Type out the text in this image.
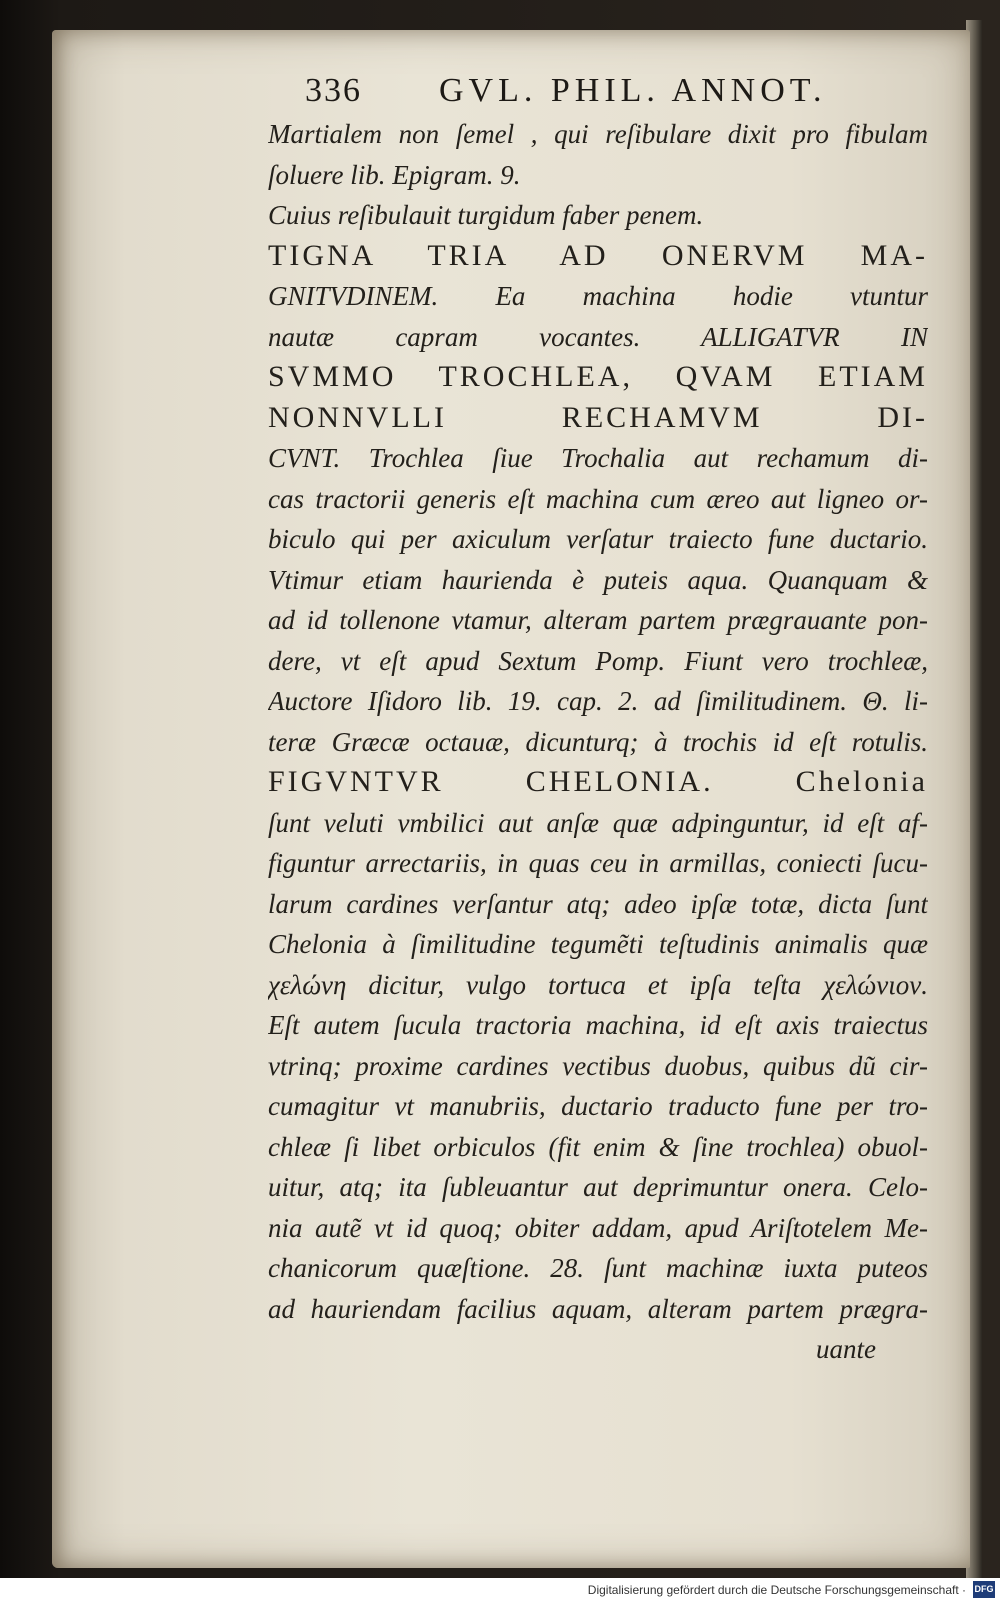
336 GVL. PHIL. ANNOT.
Martialem non ſemel , qui reſibulare dixit pro fibulam
ſoluere lib. Epigram. 9.
Cuius reſibulauit turgidum faber penem.
TIGNA TRIA AD ONERVM MA-
GNITVDINEM. Ea machina hodie vtuntur
nautæ capram vocantes. ALLIGATVR IN
SVMMO TROCHLEA, QVAM ETIAM
NONNVLLI RECHAMVM DI-
CVNT. Trochlea ſiue Trochalia aut rechamum di-
cas tractorii generis eſt machina cum æreo aut ligneo or-
biculo qui per axiculum verſatur traiecto fune ductario.
Vtimur etiam haurienda è puteis aqua. Quanquam &
ad id tollenone vtamur, alteram partem prægrauante pon-
dere, vt eſt apud Sextum Pomp. Fiunt vero trochleæ,
Auctore Iſidoro lib. 19. cap. 2. ad ſimilitudinem. Θ. li-
teræ Græcæ octauæ, dicunturq; à trochis id eſt rotulis.
FIGVNTVR CHELONIA. Chelonia
ſunt veluti vmbilici aut anſæ quæ adpinguntur, id eſt af-
figuntur arrectariis, in quas ceu in armillas, coniecti ſucu-
larum cardines verſantur atq; adeo ipſæ totæ, dicta ſunt
Chelonia à ſimilitudine tegumẽti teſtudinis animalis quæ
χελώνη dicitur, vulgo tortuca et ipſa teſta χελώνιον.
Eſt autem ſucula tractoria machina, id eſt axis traiectus
vtrinq; proxime cardines vectibus duobus, quibus dũ cir-
cumagitur vt manubriis, ductario traducto fune per tro-
chleæ ſi libet orbiculos (fit enim & ſine trochlea) obuol-
uitur, atq; ita ſubleuantur aut deprimuntur onera. Celo-
nia autẽ vt id quoq; obiter addam, apud Ariſtotelem Me-
chanicorum quæſtione. 28. ſunt machinæ iuxta puteos
ad hauriendam facilius aquam, alteram partem prægra-
uante
Digitalisierung gefördert durch die Deutsche Forschungsgemeinschaft · DFG
